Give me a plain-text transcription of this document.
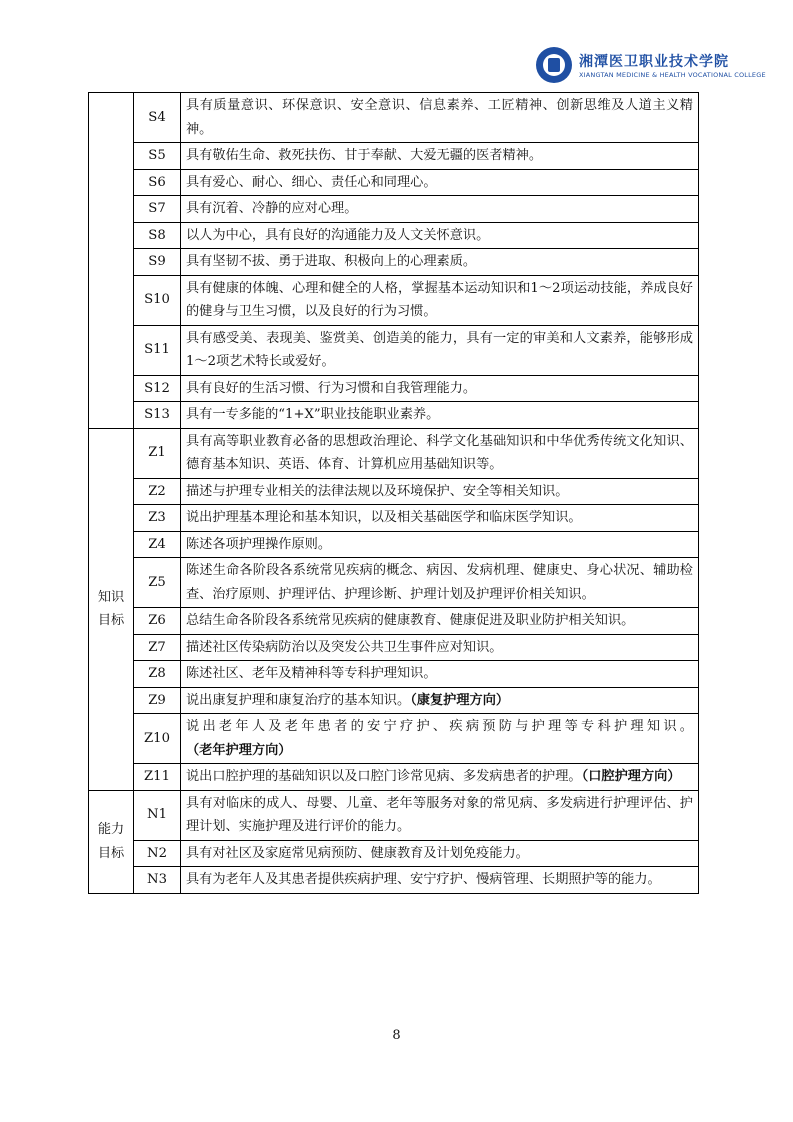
湘潭医卫职业技术学院
XIANGTAN MEDICINE & HEALTH VOCATIONAL COLLEGE
	S4	具有质量意识、环保意识、安全意识、信息素养、工匠精神、创新思维及人道主义精神。
	S5	具有敬佑生命、救死扶伤、甘于奉献、大爱无疆的医者精神。
	S6	具有爱心、耐心、细心、责任心和同理心。
	S7	具有沉着、冷静的应对心理。
	S8	以人为中心，具有良好的沟通能力及人文关怀意识。
	S9	具有坚韧不拔、勇于进取、积极向上的心理素质。
	S10	具有健康的体魄、心理和健全的人格，掌握基本运动知识和1～2项运动技能，养成良好的健身与卫生习惯，以及良好的行为习惯。
	S11	具有感受美、表现美、鉴赏美、创造美的能力，具有一定的审美和人文素养，能够形成1～2项艺术特长或爱好。
	S12	具有良好的生活习惯、行为习惯和自我管理能力。
	S13	具有一专多能的“1+X”职业技能职业素养。

知识
目标	Z1	具有高等职业教育必备的思想政治理论、科学文化基础知识和中华优秀传统文化知识、德育基本知识、英语、体育、计算机应用基础知识等。
	Z2	描述与护理专业相关的法律法规以及环境保护、安全等相关知识。
	Z3	说出护理基本理论和基本知识，以及相关基础医学和临床医学知识。
	Z4	陈述各项护理操作原则。
	Z5	陈述生命各阶段各系统常见疾病的概念、病因、发病机理、健康史、身心状况、辅助检查、治疗原则、护理评估、护理诊断、护理计划及护理评价相关知识。
	Z6	总结生命各阶段各系统常见疾病的健康教育、健康促进及职业防护相关知识。
	Z7	描述社区传染病防治以及突发公共卫生事件应对知识。
	Z8	陈述社区、老年及精神科等专科护理知识。
	Z9	说出康复护理和康复治疗的基本知识。（康复护理方向）
	Z10	说出老年人及老年患者的安宁疗护、疾病预防与护理等专科护理知识。（老年护理方向）
	Z11	说出口腔护理的基础知识以及口腔门诊常见病、多发病患者的护理。（口腔护理方向）

能力
目标	N1	具有对临床的成人、母婴、儿童、老年等服务对象的常见病、多发病进行护理评估、护理计划、实施护理及进行评价的能力。
	N2	具有对社区及家庭常见病预防、健康教育及计划免疫能力。
	N3	具有为老年人及其患者提供疾病护理、安宁疗护、慢病管理、长期照护等的能力。
8
